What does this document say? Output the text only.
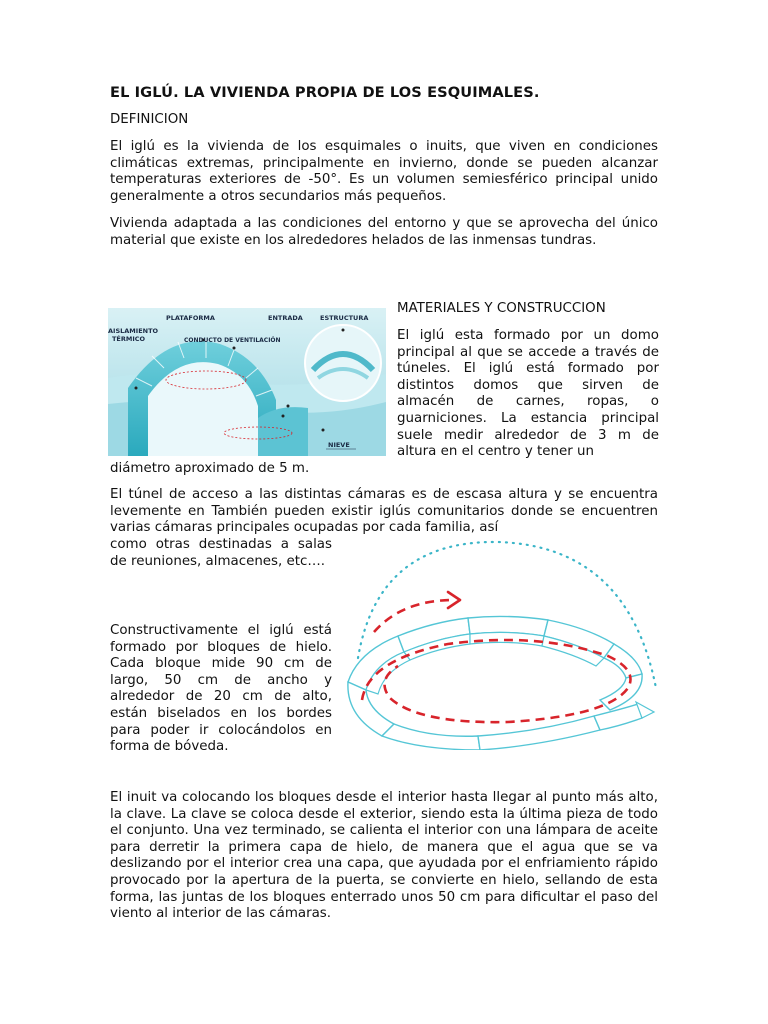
EL IGLÚ. LA VIVIENDA PROPIA DE LOS ESQUIMALES.
DEFINICION

El iglú es la vivienda de los esquimales o inuits, que viven en condiciones climáticas extremas, principalmente en invierno, donde se pueden alcanzar temperaturas exteriores de -50°. Es un volumen semiesférico principal unido generalmente a otros secundarios más pequeños.

Vivienda adaptada a las condiciones del entorno y que se aprovecha del único material que existe en los alrededores helados de las inmensas tundras.

PLATAFORMA	ENTRADA	ESTRUCTURA
AISLAMIENTO
TÉRMICO	CONDUCTO DE VENTILACIÓN
NIEVE
MATERIALES Y CONSTRUCCION

El iglú esta formado por un domo principal al que se accede a través de túneles. El iglú está formado por distintos domos que sirven de almacén de carnes, ropas, o guarniciones. La estancia principal suele medir alrededor de 3 m de altura en el centro y tener un

diámetro aproximado de 5 m.

El túnel de acceso a las distintas cámaras es de escasa altura y se encuentra levemente en También pueden existir iglús comunitarios donde se encuentren varias cámaras principales ocupadas por cada familia, así

como otras destinadas a salas de reuniones, almacenes, etc….

Constructivamente el iglú está formado por bloques de hielo. Cada bloque mide 90 cm de largo, 50 cm de ancho y alrededor de 20 cm de alto, están biselados en los bordes para poder ir colocándolos en forma de bóveda.

El inuit va colocando los bloques desde el interior hasta llegar al punto más alto, la clave. La clave se coloca desde el exterior, siendo esta la última pieza de todo el conjunto. Una vez terminado, se calienta el interior con una lámpara de aceite para derretir la primera capa de hielo, de manera que el agua que se va deslizando por el interior crea una capa, que ayudada por el enfriamiento rápido provocado por la apertura de la puerta, se convierte en hielo, sellando de esta forma, las juntas de los bloques enterrado unos 50 cm para dificultar el paso del viento al interior de las cámaras.
